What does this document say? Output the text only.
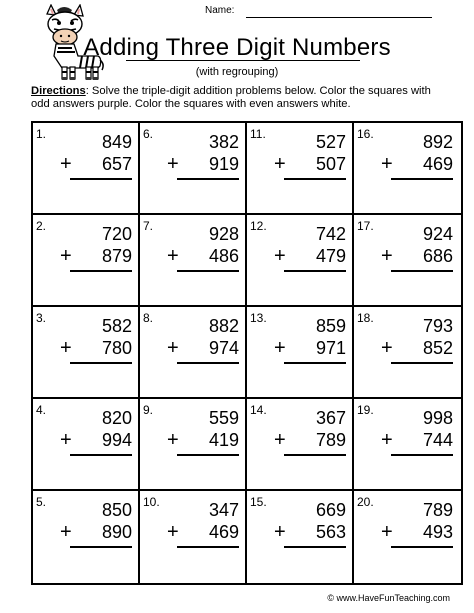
Name:
Adding Three Digit Numbers
(with regrouping)
Directions: Solve the triple-digit addition problems below. Color the squares with odd answers purple. Color the squares with even answers white.
1.	849
+ 657
6.	382
+ 919
11.	527
+ 507
16.	892
+ 469
2.	720
+ 879
7.	928
+ 486
12.	742
+ 479
17.	924
+ 686
3.	582
+ 780
8.	882
+ 974
13.	859
+ 971
18.	793
+ 852
4.	820
+ 994
9.	559
+ 419
14.	367
+ 789
19.	998
+ 744
5.	850
+ 890
10.	347
+ 469
15.	669
+ 563
20.	789
+ 493
© www.HaveFunTeaching.com
